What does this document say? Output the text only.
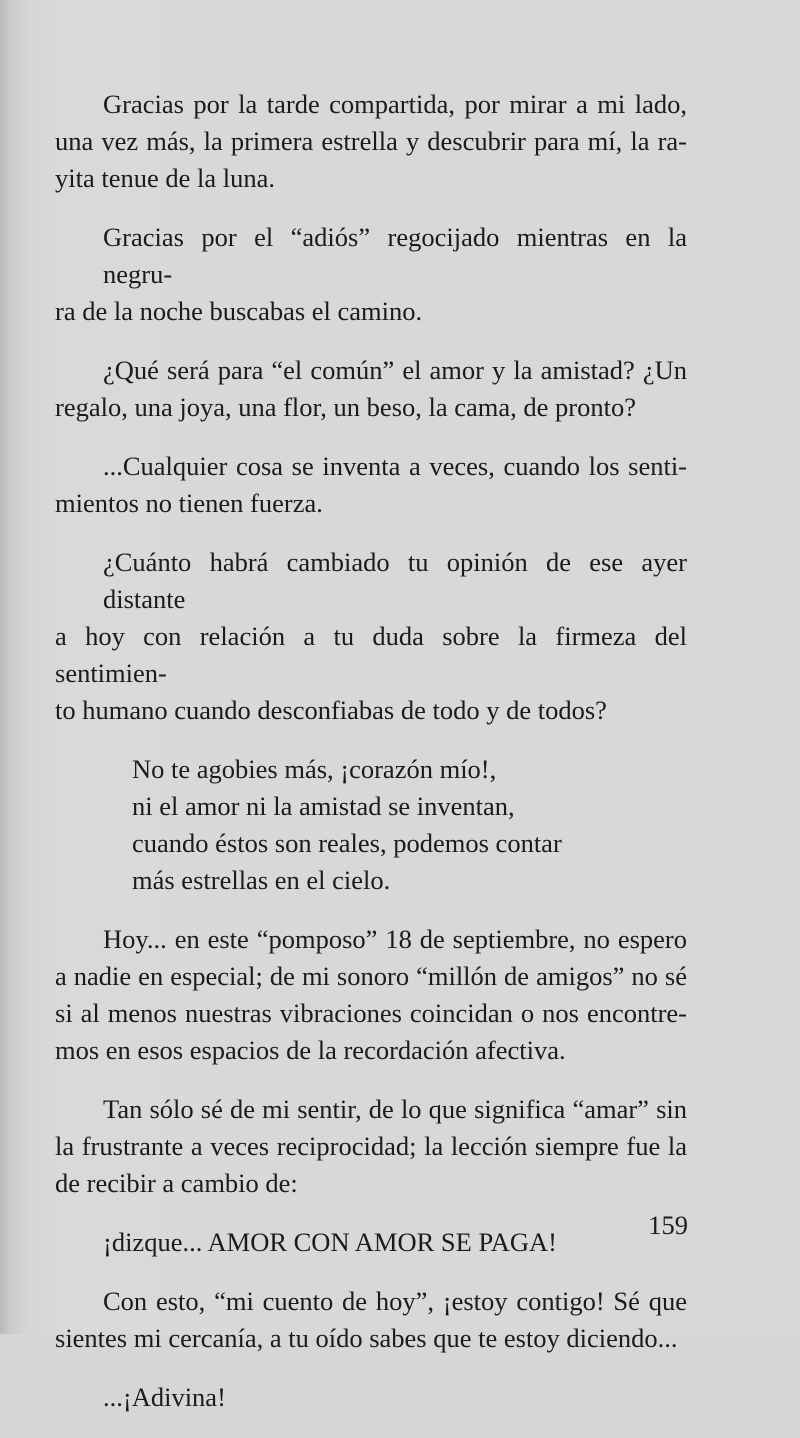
Gracias por la tarde compartida, por mirar a mi lado,
una vez más, la primera estrella y descubrir para mí, la ra-
yita tenue de la luna.

Gracias por el “adiós” regocijado mientras en la negru-
ra de la noche buscabas el camino.

¿Qué será para “el común” el amor y la amistad? ¿Un
regalo, una joya, una flor, un beso, la cama, de pronto?

...Cualquier cosa se inventa a veces, cuando los senti-
mientos no tienen fuerza.

¿Cuánto habrá cambiado tu opinión de ese ayer distante
a hoy con relación a tu duda sobre la firmeza del sentimien-
to humano cuando desconfiabas de todo y de todos?

No te agobies más, ¡corazón mío!,
ni el amor ni la amistad se inventan,
cuando éstos son reales, podemos contar
más estrellas en el cielo.

Hoy... en este “pomposo” 18 de septiembre, no espero
a nadie en especial; de mi sonoro “millón de amigos” no sé
si al menos nuestras vibraciones coincidan o nos encontre-
mos en esos espacios de la recordación afectiva.

Tan sólo sé de mi sentir, de lo que significa “amar” sin
la frustrante a veces reciprocidad; la lección siempre fue la
de recibir a cambio de:

¡dizque... AMOR CON AMOR SE PAGA!

Con esto, “mi cuento de hoy”, ¡estoy contigo! Sé que
sientes mi cercanía, a tu oído sabes que te estoy diciendo...

...¡Adivina!

159
